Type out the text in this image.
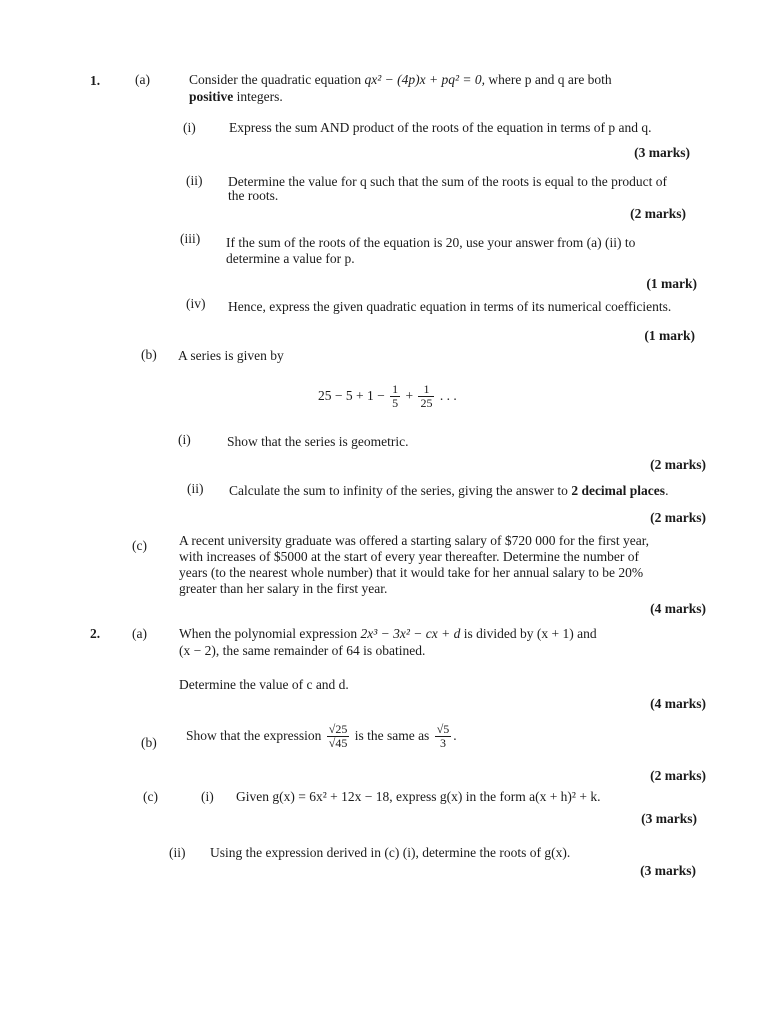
1.	(a)	Consider the quadratic equation qx² − (4p)x + pq² = 0, where p and q are both
positive integers.
(i) Express the sum AND product of the roots of the equation in terms of p and q.
(3 marks)
(ii) Determine the value for q such that the sum of the roots is equal to the product of
the roots.
(2 marks)
(iii) If the sum of the roots of the equation is 20, use your answer from (a) (ii) to
determine a value for p.
(1 mark)
(iv) Hence, express the given quadratic equation in terms of its numerical coefficients.
(1 mark)
(b) A series is given by
$25 - 5 + 1 - \frac{1}{5} + \frac{1}{25}$ . . .
(i)	Show that the series is geometric.
(2 marks)
(ii) Calculate the sum to infinity of the series, giving the answer to 2 decimal places.
(2 marks)
(c) A recent university graduate was offered a starting salary of $720 000 for the first year,
with increases of $5000 at the start of every year thereafter. Determine the number of
years (to the nearest whole number) that it would take for her annual salary to be 20%
greater than her salary in the first year.
(4 marks)
2. (a) When the polynomial expression 2x³ − 3x² − cx + d is divided by (x + 1) and
(x − 2), the same remainder of 64 is obatined.
Determine the value of c and d.
(4 marks)
(b) Show that the expression $\frac{√25}{√45}$ is the same as $\frac{√5}{3}$ .
(2 marks)
(c)	(i) Given g(x) = 6x² + 12x − 18, express g(x) in the form a(x + h)² + k.
(3 marks)
(ii) Using the expression derived in (c) (i), determine the roots of g(x).
(3 marks)
